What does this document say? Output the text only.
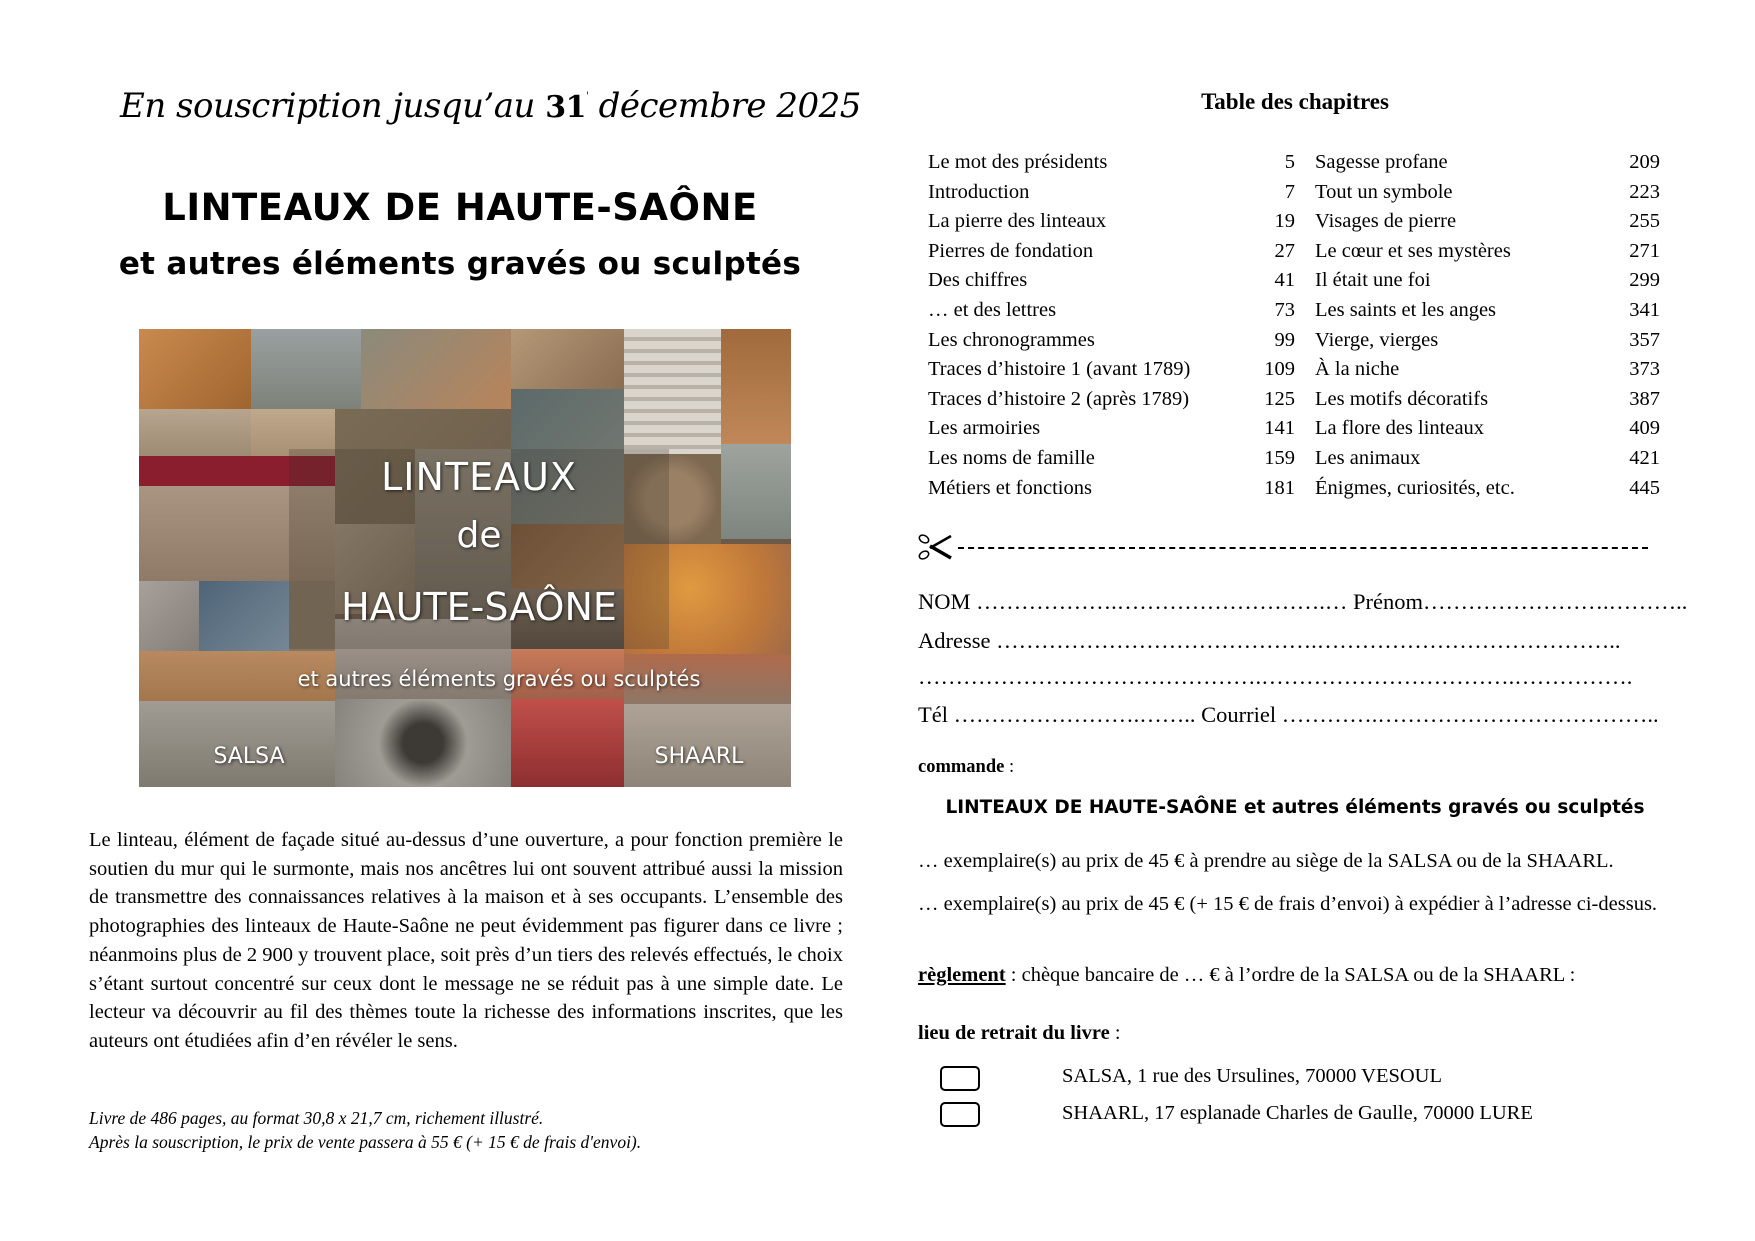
En souscription jusqu’au 31' décembre 2025
LINTEAUX DE HAUTE-SAÔNE
et autres éléments gravés ou sculptés
LINTEAUX
de
HAUTE-SAÔNE
et autres éléments gravés ou sculptés
SALSA	SHAARL
Le linteau, élément de façade situé au-dessus d’une ouverture, a pour fonction première le soutien du mur qui le surmonte, mais nos ancêtres lui ont souvent attribué aussi la mission de transmettre des connaissances relatives à la maison et à ses occupants. L’ensemble des photographies des linteaux de Haute-Saône ne peut évidemment pas figurer dans ce livre ; néanmoins plus de 2 900 y trouvent place, soit près d’un tiers des relevés effectués, le choix s’étant surtout concentré sur ceux dont le message ne se réduit pas à une simple date. Le lecteur va découvrir au fil des thèmes toute la richesse des informations inscrites, que les auteurs ont étudiées afin d’en révéler le sens.
Livre de 486 pages, au format 30,8 x 21,7 cm, richement illustré.
Après la souscription, le prix de vente passera à 55 € (+ 15 € de frais d'envoi).
Table des chapitres
Le mot des présidents	5 Sagesse profane	209
Introduction	7 Tout un symbole	223
La pierre des linteaux	19 Visages de pierre	255
Pierres de fondation	27 Le cœur et ses mystères	271
Des chiffres	41 Il était une foi	299
… et des lettres	73 Les saints et les anges	341
Les chronogrammes	99 Vierge, vierges	357
Traces d’histoire 1 (avant 1789)	109 À la niche	373
Traces d’histoire 2 (après 1789)	125 Les motifs décoratifs	387
Les armoiries	141 La flore des linteaux	409
Les noms de famille	159 Les animaux	421
Métiers et fonctions	181 Énigmes, curiosités, etc.	445
NOM ……………….……………………….… Prénom…………………….………..
Adresse …………………………………….…………………………………..
……………………………………….…………………………….…………….
Tél …………………….…….. Courriel ………….………………………………..
commande :
LINTEAUX DE HAUTE-SAÔNE et autres éléments gravés ou sculptés
… exemplaire(s) au prix de 45 € à prendre au siège de la SALSA ou de la SHAARL.
… exemplaire(s) au prix de 45 € (+ 15 € de frais d’envoi) à expédier à l’adresse ci-dessus.
règlement : chèque bancaire de … € à l’ordre de la SALSA ou de la SHAARL :
lieu de retrait du livre :
SALSA, 1 rue des Ursulines, 70000 VESOUL
SHAARL, 17 esplanade Charles de Gaulle, 70000 LURE
